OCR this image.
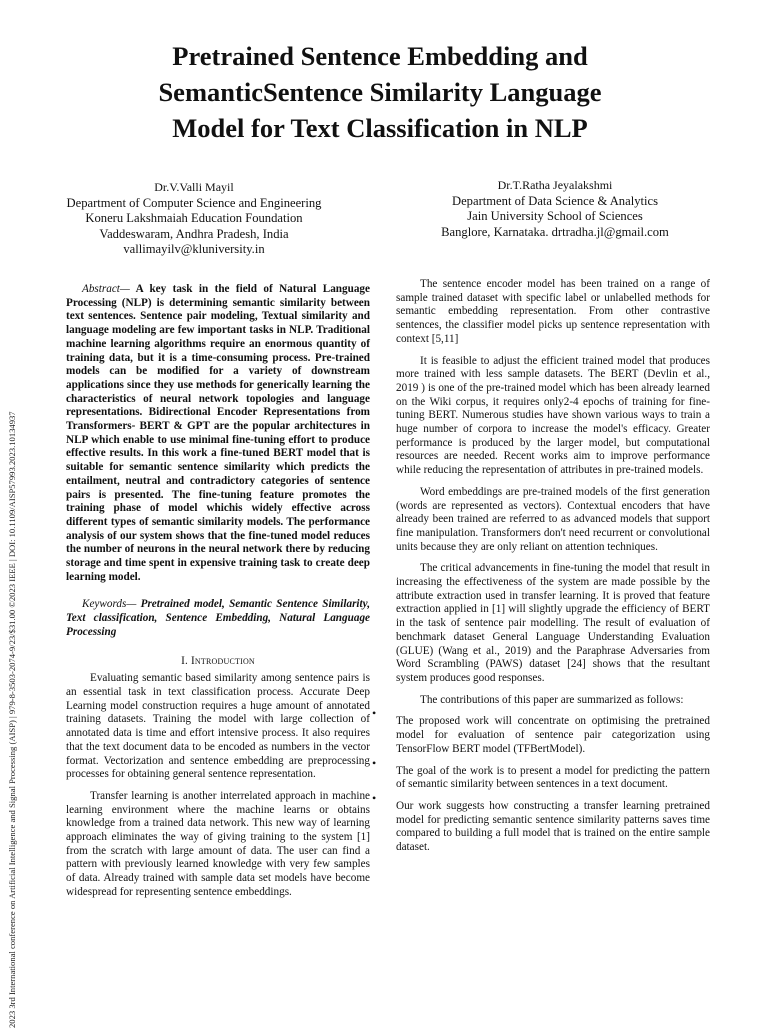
2023 3rd International conference on Artificial Intelligence and Signal Processing (AISP) | 979-8-3503-2074-9/23/$31.00 ©2023 IEEE | DOI: 10.1109/AISP57993.2023.10134937
Pretrained Sentence Embedding and
SemanticSentence Similarity Language
Model for Text Classification in NLP
Dr.V.Valli Mayil
Department of Computer Science and Engineering
Koneru Lakshmaiah Education Foundation
Vaddeswaram, Andhra Pradesh, India
vallimayilv@kluniversity.in
Dr.T.Ratha Jeyalakshmi
Department of Data Science & Analytics
Jain University School of Sciences
Banglore, Karnataka. drtradha.jl@gmail.com

Abstract— A key task in the field of Natural Language Processing (NLP) is determining semantic similarity between text sentences. Sentence pair modeling, Textual similarity and language modeling are few important tasks in NLP. Traditional machine learning algorithms require an enormous quantity of training data, but it is a time-consuming process. Pre-trained models can be modified for a variety of downstream applications since they use methods for generically learning the characteristics of neural network topologies and language representations. Bidirectional Encoder Representations from Transformers- BERT & GPT are the popular architectures in NLP which enable to use minimal fine-tuning effort to produce effective results. In this work a fine-tuned BERT model that is suitable for semantic sentence similarity which predicts the entailment, neutral and contradictory categories of sentence pairs is presented. The fine-tuning feature promotes the training phase of model whichis widely effective across different types of semantic similarity models. The performance analysis of our system shows that the fine-tuned model reduces the number of neurons in the neural network there by reducing storage and time spent in expensive training task to create deep learning model.

Keywords— Pretrained model, Semantic Sentence Similarity, Text classification, Sentence Embedding, Natural Language Processing

I. Introduction

Evaluating semantic based similarity among sentence pairs is an essential task in text classification process. Accurate Deep Learning model construction requires a huge amount of annotated training datasets. Training the model with large collection of annotated data is time and effort intensive process. It also requires that the text document data to be encoded as numbers in the vector format. Vectorization and sentence embedding are preprocessing processes for obtaining general sentence representation.

Transfer learning is another interrelated approach in machine learning environment where the machine learns or obtains knowledge from a trained data network. This new way of learning approach eliminates the way of giving training to the system [1] from the scratch with large amount of data. The user can find a pattern with previously learned knowledge with very few samples of data. Already trained with sample data set models have become widespread for representing sentence embeddings.

The sentence encoder model has been trained on a range of sample trained dataset with specific label or unlabelled methods for semantic embedding representation. From other contrastive sentences, the classifier model picks up sentence representation with context [5,11]

It is feasible to adjust the efficient trained model that produces more trained with less sample datasets. The BERT (Devlin et al., 2019 ) is one of the pre-trained model which has been already learned on the Wiki corpus, it requires only2-4 epochs of training for fine-tuning BERT. Numerous studies have shown various ways to train a huge number of corpora to increase the model's efficacy. Greater performance is produced by the larger model, but computational resources are needed. Recent works aim to improve performance while reducing the representation of attributes in pre-trained models.

Word embeddings are pre-trained models of the first generation (words are represented as vectors). Contextual encoders that have already been trained are referred to as advanced models that support fine manipulation. Transformers don't need recurrent or convolutional units because they are only reliant on attention techniques.

The critical advancements in fine-tuning the model that result in increasing the effectiveness of the system are made possible by the attribute extraction used in transfer learning. It is proved that feature extraction applied in [1] will slightly upgrade the efficiency of BERT in the task of sentence pair modelling. The result of evaluation of benchmark dataset General Language Understanding Evaluation (GLUE) (Wang et al., 2019) and the Paraphrase Adversaries from Word Scrambling (PAWS) dataset [24] shows that the resultant system produces good responses.

The contributions of this paper are summarized as follows:

•
The proposed work will concentrate on optimising the pretrained model for evaluation of sentence pair categorization using TensorFlow BERT model (TFBertModel).

•
The goal of the work is to present a model for predicting the pattern of semantic similarity between sentences in a text document.

•
Our work suggests how constructing a transfer learning pretrained model for predicting semantic sentence similarity patterns saves time compared to building a full model that is trained on the entire sample dataset.
